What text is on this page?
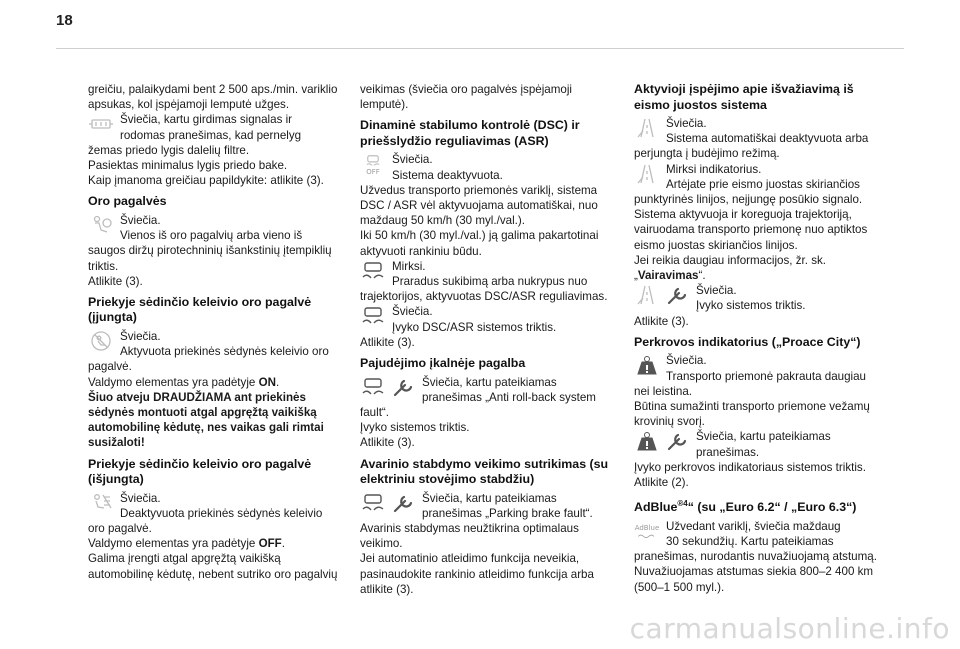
18
greičiu, palaikydami bent 2 500 aps./min. variklio
apsukas, kol įspėjamoji lemputė užges.
Šviečia, kartu girdimas signalas ir
rodomas pranešimas, kad pernelyg
žemas priedo lygis dalelių filtre.
Pasiektas minimalus lygis priedo bake.
Kaip įmanoma greičiau papildykite: atlikite (3).
Oro pagalvės
Šviečia.
Vienos iš oro pagalvių arba vieno iš
saugos diržų pirotechninių išankstinių įtempiklių
triktis.
Atlikite (3).
Priekyje sėdinčio keleivio oro pagalvė (įjungta)
Šviečia.
Aktyvuota priekinės sėdynės keleivio oro
pagalvė.
Valdymo elementas yra padėtyje ON.

Šiuo atveju DRAUDŽIAMA ant priekinės sėdynės montuoti atgal apgręžtą vaikišką automobilinę kėdutę, nes vaikas gali rimtai susižaloti!

Priekyje sėdinčio keleivio oro pagalvė (išjungta)
Šviečia.
Deaktyvuota priekinės sėdynės keleivio
oro pagalvė.
Valdymo elementas yra padėtyje OFF.
Galima įrengti atgal apgręžtą vaikišką
automobilinę kėdutę, nebent sutriko oro pagalvių
veikimas (šviečia oro pagalvės įspėjamoji
lemputė).
Dinaminė stabilumo kontrolė (DSC) ir priešslydžio reguliavimas (ASR)
OFF
Šviečia.
Sistema deaktyvuota.
Užvedus transporto priemonės variklį, sistema
DSC / ASR vėl aktyvuojama automatiškai, nuo
maždaug 50 km/h (30 myl./val.).
Iki 50 km/h (30 myl./val.) ją galima pakartotinai
aktyvuoti rankiniu būdu.
Mirksi.
Praradus sukibimą arba nukrypus nuo
trajektorijos, aktyvuotas DSC/ASR reguliavimas.
Šviečia.
Įvyko DSC/ASR sistemos triktis.
Atlikite (3).
Pajudėjimo įkalnėje pagalba
Šviečia, kartu pateikiamas
pranešimas „Anti roll-back system
fault“.
Įvyko sistemos triktis.
Atlikite (3).
Avarinio stabdymo veikimo sutrikimas (su elektriniu stovėjimo stabdžiu)
Šviečia, kartu pateikiamas
pranešimas „Parking brake fault“.
Avarinis stabdymas neužtikrina optimalaus
veikimo.
Jei automatinio atleidimo funkcija neveikia,
pasinaudokite rankinio atleidimo funkcija arba
atlikite (3).
Aktyvioji įspėjimo apie išvažiavimą iš eismo juostos sistema
Šviečia.
Sistema automatiškai deaktyvuota arba
perjungta į budėjimo režimą.
Mirksi indikatorius.
Artėjate prie eismo juostas skiriančios
punktyrinės linijos, neįjungę posūkio signalo.
Sistema aktyvuoja ir koreguoja trajektoriją,
vairuodama transporto priemonę nuo aptiktos
eismo juostas skiriančios linijos.
Jei reikia daugiau informacijos, žr. sk.
„Vairavimas“.
Šviečia.
Įvyko sistemos triktis.
Atlikite (3).
Perkrovos indikatorius („Proace City“)
Šviečia.
Transporto priemonė pakrauta daugiau
nei leistina.
Būtina sumažinti transporto priemone vežamų
krovinių svorį.
Šviečia, kartu pateikiamas
pranešimas.
Įvyko perkrovos indikatoriaus sistemos triktis.
Atlikite (2).
AdBlue$^{®4}$“ (su „Euro 6.2“ / „Euro 6.3“)
AdBlue Užvedant variklį, šviečia maždaug
30 sekundžių. Kartu pateikiamas
pranešimas, nurodantis nuvažiuojamą atstumą.
Nuvažiuojamas atstumas siekia 800–2 400 km
(500–1 500 myl.).
carmanualsonline.info
